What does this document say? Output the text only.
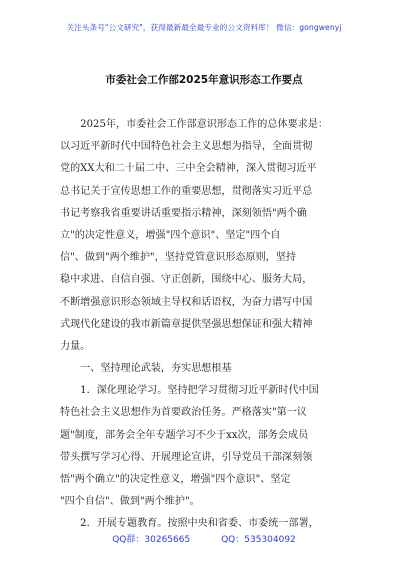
关注头条号"公文研究"，获得最新最全最专业的公文资料库！ 微信：gongwenyj
市委社会工作部2025年意识形态工作要点
　　2025年，市委社会工作部意识形态工作的总体要求是：
以习近平新时代中国特色社会主义思想为指导，全面贯彻
党的XX大和二十届二中、三中全会精神，深入贯彻习近平
总书记关于宣传思想工作的重要思想，贯彻落实习近平总
书记考察我省重要讲话重要指示精神，深刻领悟"两个确
立"的决定性意义，增强"四个意识"、坚定"四个自
信"、做到"两个维护"，坚持党管意识形态原则，坚持
稳中求进、自信自强、守正创新，围绕中心、服务大局，
不断增强意识形态领域主导权和话语权，为奋力谱写中国
式现代化建设的我市新篇章提供坚强思想保证和强大精神
力量。
　　一、坚持理论武装，夯实思想根基
　　1．深化理论学习。坚持把学习贯彻习近平新时代中国
特色社会主义思想作为首要政治任务。严格落实"第一议
题"制度，部务会全年专题学习不少于xx次，部务会成员
带头撰写学习心得、开展理论宣讲，引导党员干部深刻领
悟"两个确立"的决定性意义，增强"四个意识"、坚定
"四个自信"、做到"两个维护"。
　　2．开展专题教育。按照中央和省委、市委统一部署，
QQ群：30265665	QQ：535304092
